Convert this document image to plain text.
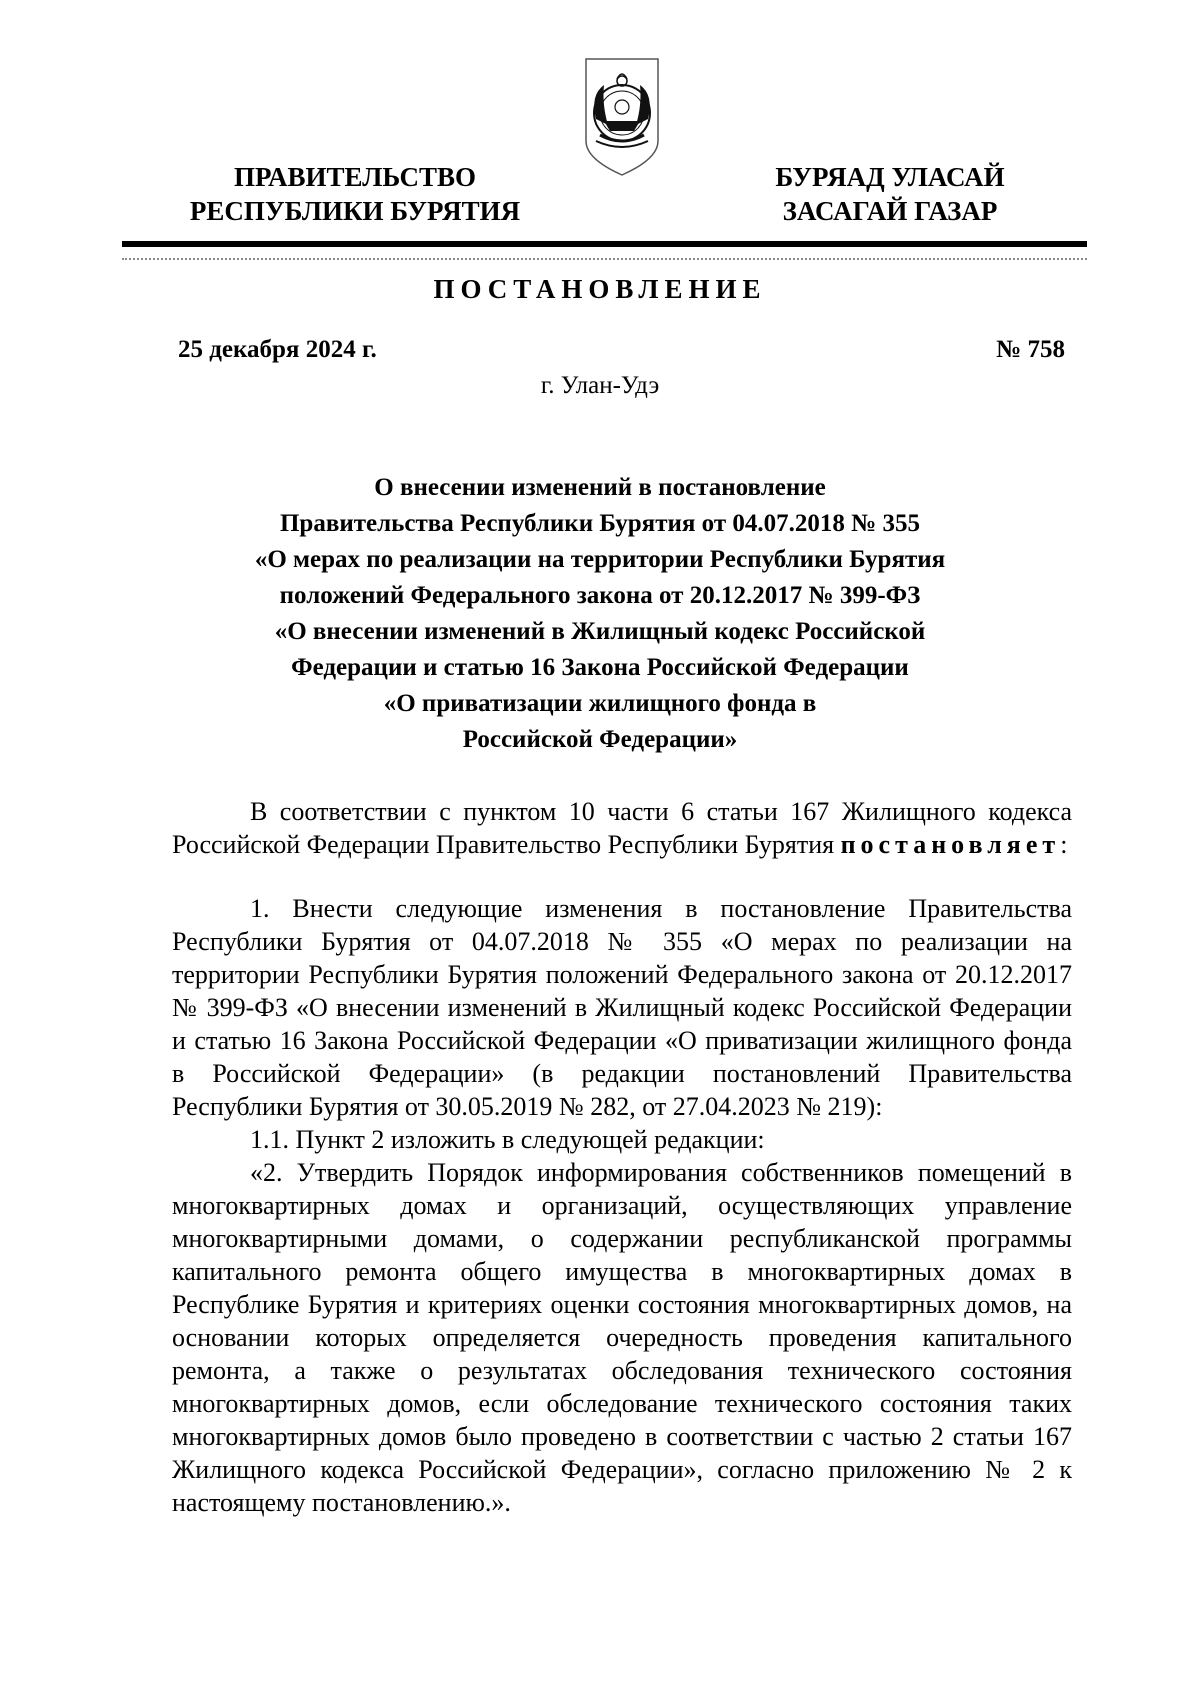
ПРАВИТЕЛЬСТВО
РЕСПУБЛИКИ БУРЯТИЯ
БУРЯАД УЛАСАЙ
ЗАСАГАЙ ГАЗАР
ПОСТАНОВЛЕНИЕ
25 декабря 2024 г.	№ 758
г. Улан-Удэ
О внесении изменений в постановление
Правительства Республики Бурятия от 04.07.2018 № 355
«О мерах по реализации на территории Республики Бурятия
положений Федерального закона от 20.12.2017 № 399-ФЗ
«О внесении изменений в Жилищный кодекс Российской
Федерации и статью 16 Закона Российской Федерации
«О приватизации жилищного фонда в
Российской Федерации»

В соответствии с пунктом 10 части 6 статьи 167 Жилищного кодекса Российской Федерации Правительство Республики Бурятия постановляет:

1. Внести следующие изменения в постановление Правительства Республики Бурятия от 04.07.2018 № 355 «О мерах по реализации на территории Республики Бурятия положений Федерального закона от 20.12.2017 № 399-ФЗ «О внесении изменений в Жилищный кодекс Российской Федерации и статью 16 Закона Российской Федерации «О приватизации жилищного фонда в Российской Федерации» (в редакции постановлений Правительства Республики Бурятия от 30.05.2019 № 282, от 27.04.2023 № 219):

1.1. Пункт 2 изложить в следующей редакции:

«2. Утвердить Порядок информирования собственников помещений в многоквартирных домах и организаций, осуществляющих управление многоквартирными домами, о содержании республиканской программы капитального ремонта общего имущества в многоквартирных домах в Республике Бурятия и критериях оценки состояния многоквартирных домов, на основании которых определяется очередность проведения капитального ремонта, а также о результатах обследования технического состояния многоквартирных домов, если обследование технического состояния таких многоквартирных домов было проведено в соответствии с частью 2 статьи 167 Жилищного кодекса Российской Федерации», согласно приложению № 2 к настоящему постановлению.».
